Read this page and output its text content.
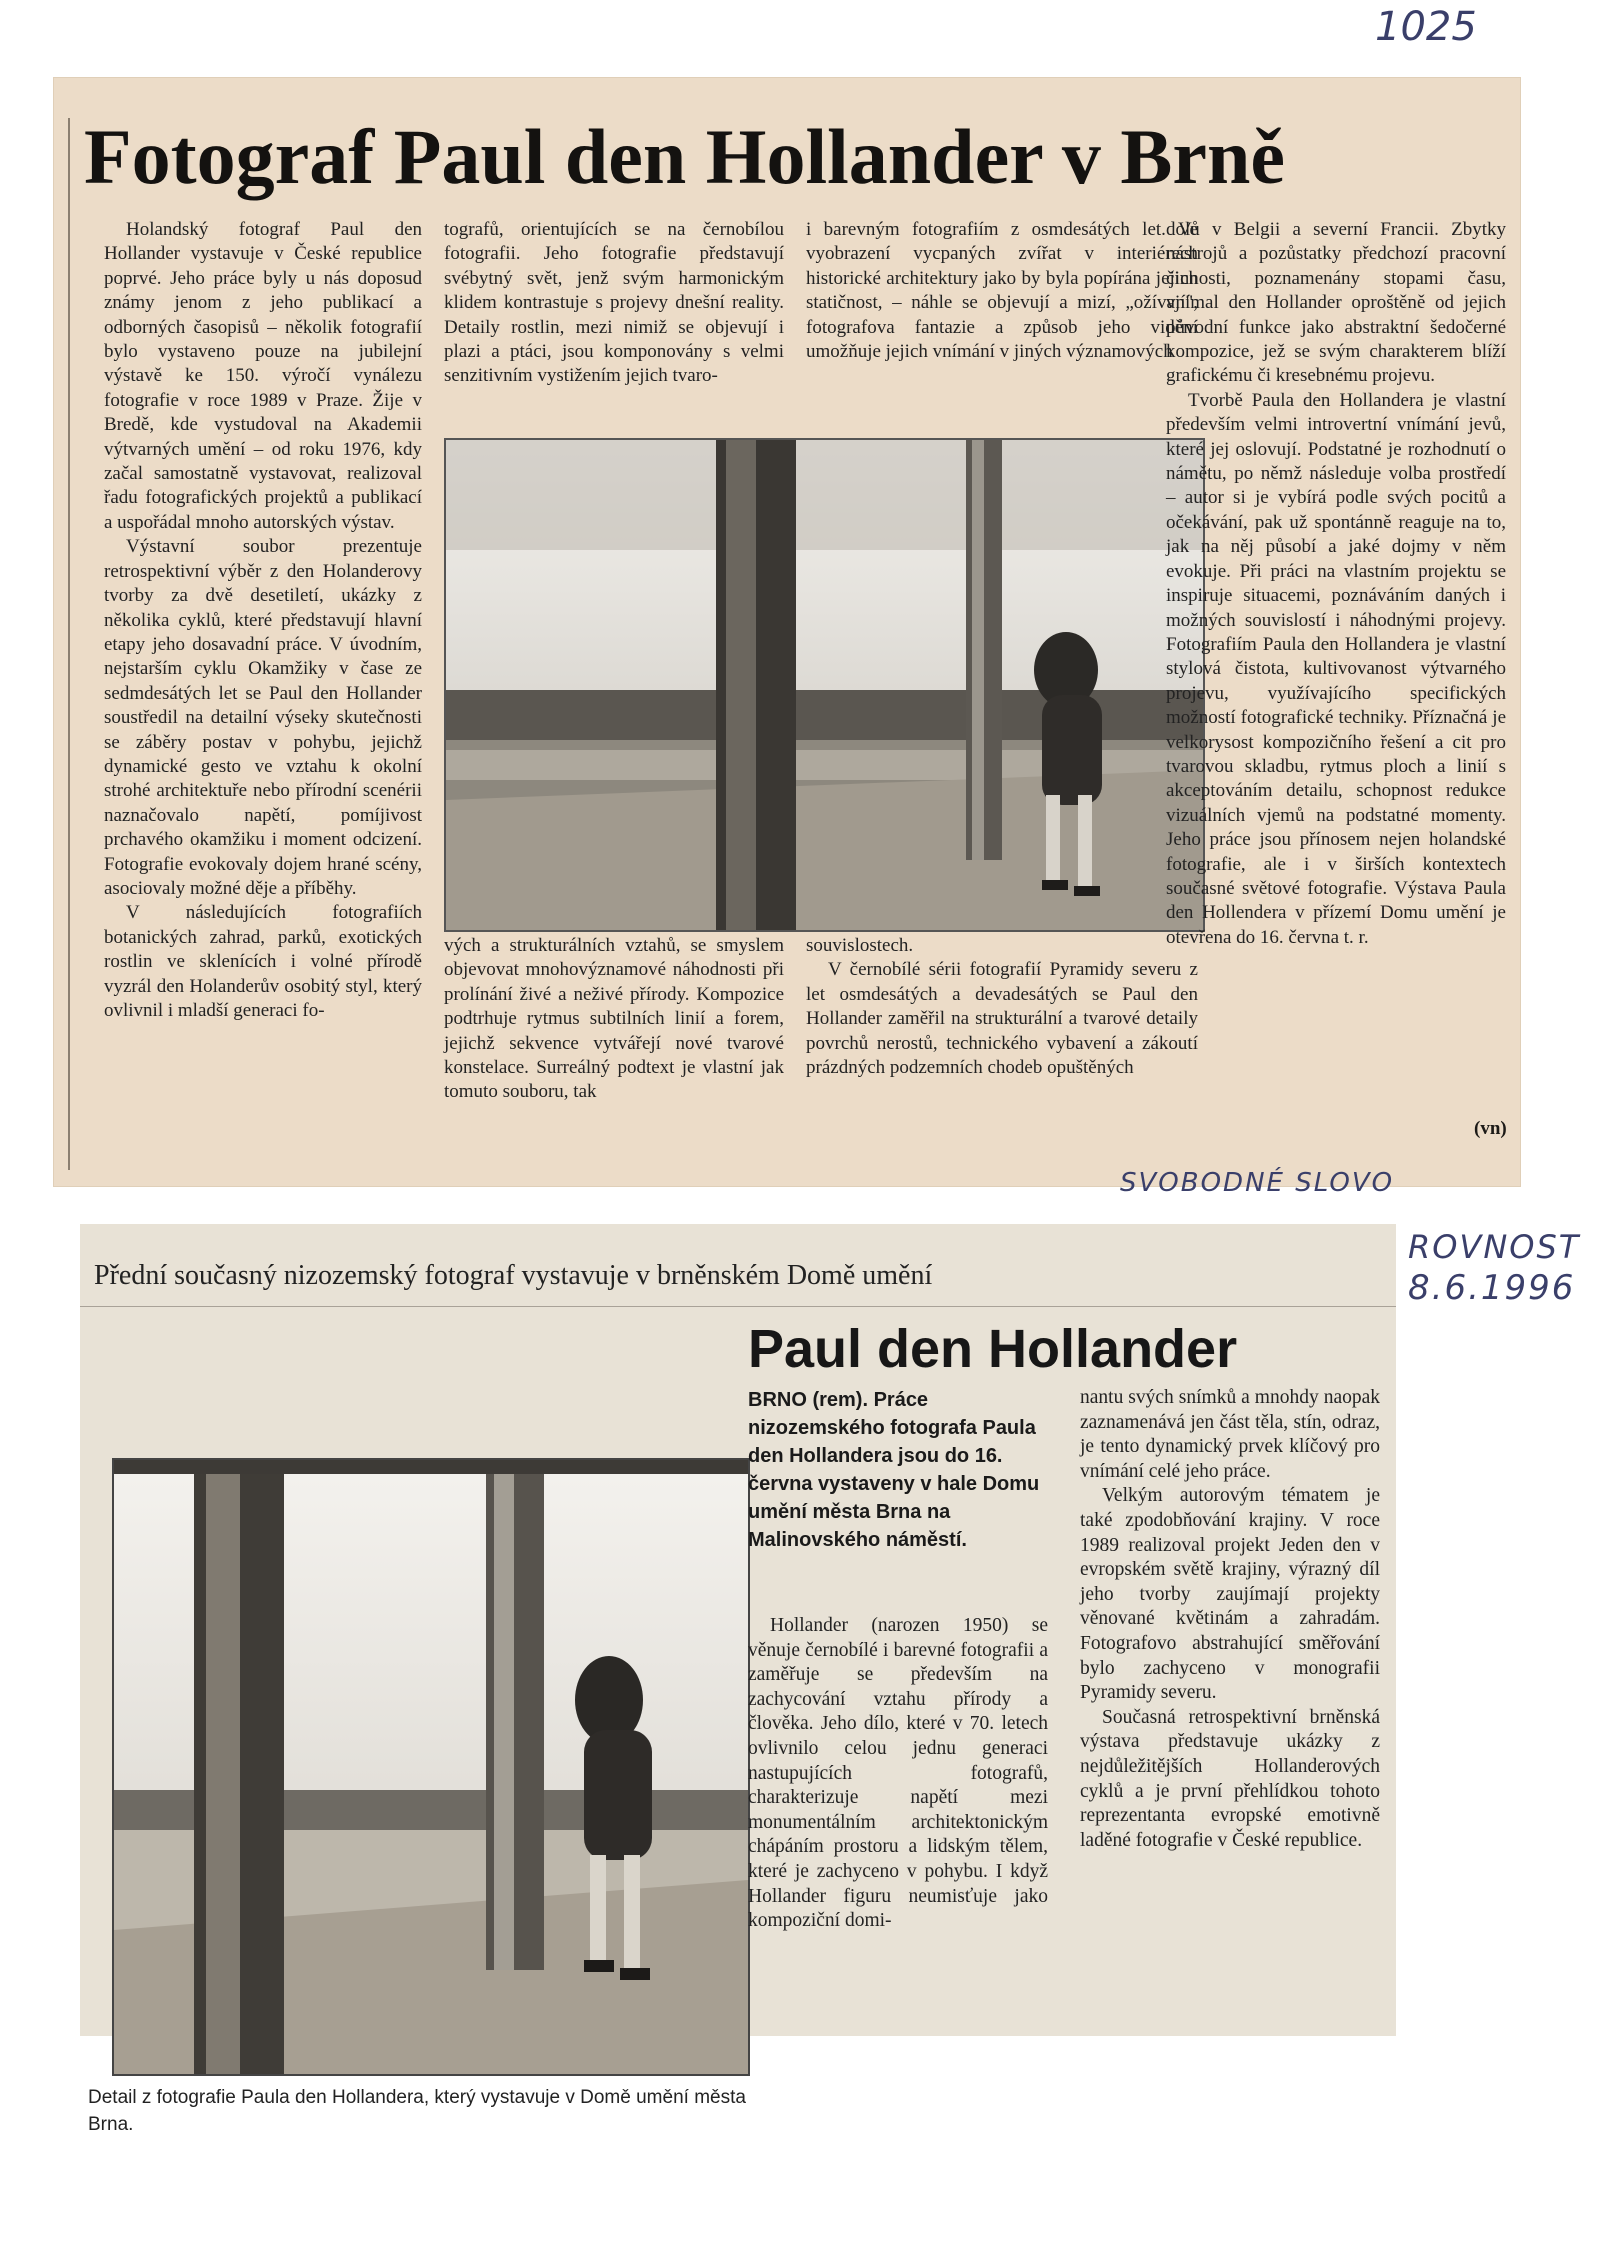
1025
Fotograf Paul den Hollander v Brně

Holandský fotograf Paul den Hollander vystavuje v České republice poprvé. Jeho práce byly u nás doposud známy jenom z jeho publikací a odborných časopisů – několik fotografií bylo vystaveno pouze na jubilejní výstavě ke 150. výročí vynálezu fotografie v roce 1989 v Praze. Žije v Bredě, kde vystudoval na Akademii výtvarných umění – od roku 1976, kdy začal samostatně vystavovat, realizoval řadu fotografických projektů a publikací a uspořádal mnoho autorských výstav.

Výstavní soubor prezentuje retrospektivní výběr z den Holanderovy tvorby za dvě desetiletí, ukázky z několika cyklů, které představují hlavní etapy jeho dosavadní práce. V úvodním, nejstarším cyklu Okamžiky v čase ze sedmdesátých let se Paul den Hollander soustředil na detailní výseky skutečnosti se záběry postav v pohybu, jejichž dynamické gesto ve vztahu k okolní strohé architektuře nebo přírodní scenérii naznačovalo napětí, pomíjivost prchavého okamžiku i moment odcizení. Fotografie evokovaly dojem hrané scény, asociovaly možné děje a příběhy.

V následujících fotografiích botanických zahrad, parků, exotických rostlin ve sklenících i volné přírodě vyzrál den Holanderův osobitý styl, který ovlivnil i mladší generaci fo-

tografů, orientujících se na černobílou fotografii. Jeho fotografie představují svébytný svět, jenž svým harmonickým klidem kontrastuje s projevy dnešní reality. Detaily rostlin, mezi nimiž se objevují i plazi a ptáci, jsou komponovány s velmi senzitivním vystižením jejich tvaro-

i barevným fotografiím z osmdesátých let. Ve vyobrazení vycpaných zvířat v interiérech historické architektury jako by byla popírána jejich statičnost, – náhle se objevují a mizí, „ožívají", fotografova fantazie a způsob jeho vidění umožňuje jejich vnímání v jiných významových

vých a strukturálních vztahů, se smyslem objevovat mnohovýznamové náhodnosti při prolínání živé a neživé přírody. Kompozice podtrhuje rytmus subtilních linií a forem, jejichž sekvence vytvářejí nové tvarové konstelace. Surreálný podtext je vlastní jak tomuto souboru, tak

souvislostech.

V černobílé sérii fotografií Pyramidy severu z let osmdesátých a devadesátých se Paul den Hollander zaměřil na strukturální a tvarové detaily povrchů nerostů, technického vybavení a zákoutí prázdných podzemních chodeb opuštěných

dolů v Belgii a severní Francii. Zbytky nástrojů a pozůstatky předchozí pracovní činnosti, poznamenány stopami času, vnímal den Hollander oproštěně od jejich původní funkce jako abstraktní šedočerné kompozice, jež se svým charakterem blíží grafickému či kresebnému projevu.

Tvorbě Paula den Hollandera je vlastní především velmi introvertní vnímání jevů, které jej oslovují. Podstatné je rozhodnutí o námětu, po němž následuje volba prostředí – autor si je vybírá podle svých pocitů a očekávání, pak už spontánně reaguje na to, jak na něj působí a jaké dojmy v něm evokuje. Při práci na vlastním projektu se inspiruje situacemi, poznáváním daných i možných souvislostí i náhodnými projevy. Fotografiím Paula den Hollandera je vlastní stylová čistota, kultivovanost výtvarného projevu, využívajícího specifických možností fotografické techniky. Příznačná je velkorysost kompozičního řešení a cit pro tvarovou skladbu, rytmus ploch a linií s akceptováním detailu, schopnost redukce vizuálních vjemů na podstatné momenty. Jeho práce jsou přínosem nejen holandské fotografie, ale i v širších kontextech současné světové fotografie. Výstava Paula den Hollendera v přízemí Domu umění je otevřena do 16. června t. r.

(vn)
SVOBODNÉ SLOVO
ROVNOST
8.6.1996
Přední současný nizozemský fotograf vystavuje v brněnském Domě umění
Paul den Hollander
BRNO (rem). Práce nizozemského fotografa Paula den Hollandera jsou do 16. června vystaveny v hale Domu umění města Brna na Malinovského náměstí.

Hollander (narozen 1950) se věnuje černobílé i barevné fotografii a zaměřuje se především na zachycování vztahu přírody a člověka. Jeho dílo, které v 70. letech ovlivnilo celou jednu generaci nastupujících fotografů, charakterizuje napětí mezi monumentálním architektonickým chápáním prostoru a lidským tělem, které je zachyceno v pohybu. I když Hollander figuru neumisťuje jako kompoziční domi-

nantu svých snímků a mnohdy naopak zaznamenává jen část těla, stín, odraz, je tento dynamický prvek klíčový pro vnímání celé jeho práce.

Velkým autorovým tématem je také zpodobňování krajiny. V roce 1989 realizoval projekt Jeden den v evropském světě krajiny, výrazný díl jeho tvorby zaujímají projekty věnované květinám a zahradám. Fotografovo abstrahující směřování bylo zachyceno v monografii Pyramidy severu.

Současná retrospektivní brněnská výstava představuje ukázky z nejdůležitějších Hollanderových cyklů a je první přehlídkou tohoto reprezentanta evropské emotivně laděné fotografie v České republice.

Detail z fotografie Paula den Hollandera, který vystavuje v Domě umění města Brna.
